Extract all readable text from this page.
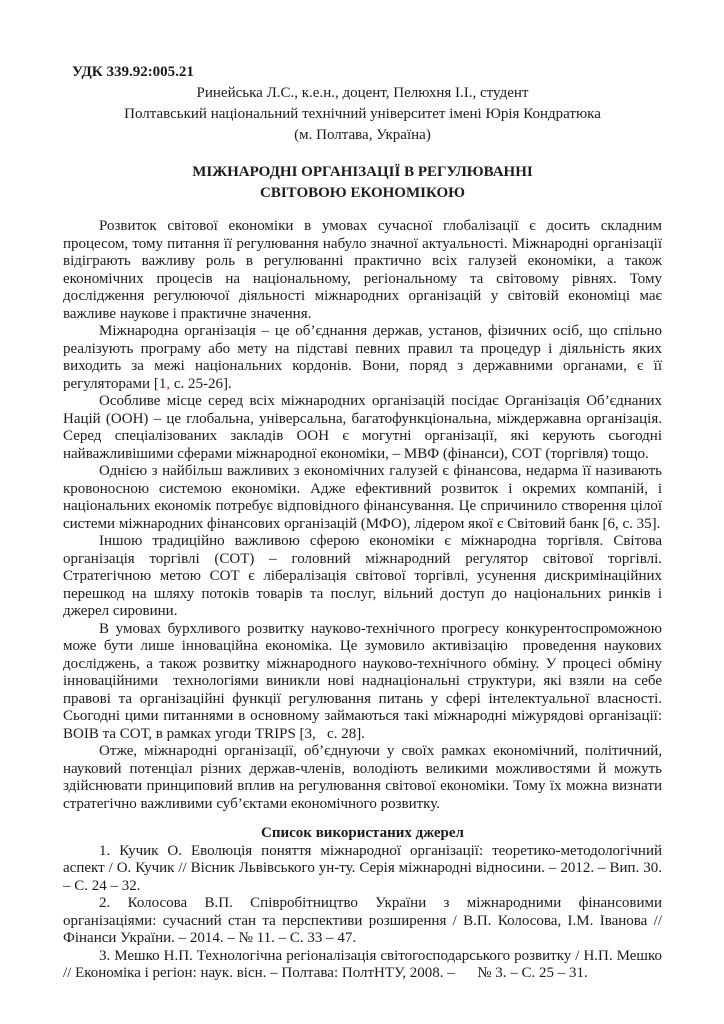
УДК 339.92:005.21
Ринейська Л.С., к.е.н., доцент, Пелюхня І.І., студент
Полтавський національний технічний університет імені Юрія Кондратюка
(м. Полтава, Україна)
МІЖНАРОДНІ ОРГАНІЗАЦІЇ В РЕГУЛЮВАННІ
СВІТОВОЮ ЕКОНОМІКОЮ

Розвиток світової економіки в умовах сучасної глобалізації є досить складним процесом, тому питання її регулювання набуло значної актуальності. Міжнародні організації відіграють важливу роль в регулюванні практично всіх галузей економіки, а також економічних процесів на національному, регіональному та світовому рівнях. Тому дослідження регулюючої діяльності міжнародних організацій у світовій економіці має важливе наукове і практичне значення.

Міжнародна організація – це об’єднання держав, установ, фізичних осіб, що спільно реалізують програму або мету на підставі певних правил та процедур і діяльність яких виходить за межі національних кордонів. Вони, поряд з державними органами, є її регуляторами [1, с. 25-26].

Особливе місце серед всіх міжнародних організацій посідає Організація Об’єднаних Націй (ООН) – це глобальна, універсальна, багатофункціональна, міждержавна організація. Серед спеціалізованих закладів ООН є могутні організації, які керують сьогодні найважливішими сферами міжнародної економіки, – МВФ (фінанси), СОТ (торгівля) тощо.

Однією з найбільш важливих з економічних галузей є фінансова, недарма її називають кровоносною системою економіки. Адже ефективний розвиток і окремих компаній, і національних економік потребує відповідного фінансування. Це спричинило створення цілої системи міжнародних фінансових організацій (МФО), лідером якої є Світовий банк [6, с. 35].

Іншою традиційно важливою сферою економіки є міжнародна торгівля. Світова організація торгівлі (СОТ) – головний міжнародний регулятор світової торгівлі. Стратегічною метою СОТ є лібералізація світової торгівлі, усунення дискримінаційних перешкод на шляху потоків товарів та послуг, вільний доступ до національних ринків і джерел сировини.

В умовах бурхливого розвитку науково-технічного прогресу конкурентоспроможною може бути лише інноваційна економіка. Це зумовило активізацію  проведення наукових досліджень, а також розвитку міжнародного науково-технічного обміну. У процесі обміну інноваційними  технологіями виникли нові наднаціональні структури, які взяли на себе правові та організаційні функції регулювання питань у сфері інтелектуальної власності. Сьогодні цими питаннями в основному займаються такі міжнародні міжурядові організації: ВОІВ та СОТ, в рамках угоди TRIPS [3,   с. 28].

Отже, міжнародні організації, об’єднуючи у своїх рамках економічний, політичний, науковий потенціал різних держав-членів, володіють великими можливостями й можуть здійснювати принциповий вплив на регулювання світової економіки. Тому їх можна визнати стратегічно важливими суб’єктами економічного розвитку.

Список використаних джерел

1. Кучик О. Еволюція поняття міжнародної організації: теоретико-методологічний аспект / О. Кучик // Вісник Львівського ун-ту. Серія міжнародні відносини. – 2012. – Вип. 30. – С. 24 – 32.

2. Колосова В.П. Співробітництво України з міжнародними фінансовими організаціями: сучасний стан та перспективи розширення / В.П. Колосова, І.М. Іванова // Фінанси України. – 2014. – № 11. – С. 33 – 47.

3. Мешко Н.П. Технологічна регіоналізація світогосподарського розвитку / Н.П. Мешко // Економіка і регіон: наук. вісн. – Полтава: ПолтНТУ, 2008. –      № 3. – С. 25 – 31.
